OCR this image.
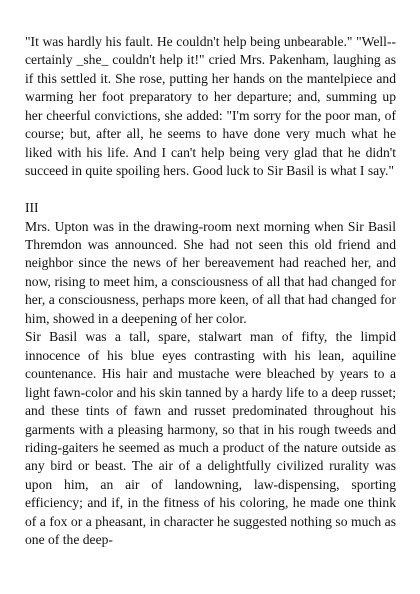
"It was hardly his fault. He couldn't help being unbearable." "Well--certainly _she_ couldn't help it!" cried Mrs. Pakenham, laughing as if this settled it. She rose, putting her hands on the mantelpiece and warming her foot preparatory to her departure; and, summing up her cheerful convictions, she added: "I'm sorry for the poor man, of course; but, after all, he seems to have done very much what he liked with his life. And I can't help being very glad that he didn't succeed in quite spoiling hers. Good luck to Sir Basil is what I say."

III

Mrs. Upton was in the drawing-room next morning when Sir Basil Thremdon was announced. She had not seen this old friend and neighbor since the news of her bereavement had reached her, and now, rising to meet him, a consciousness of all that had changed for her, a consciousness, perhaps more keen, of all that had changed for him, showed in a deepening of her color.

Sir Basil was a tall, spare, stalwart man of fifty, the limpid innocence of his blue eyes contrasting with his lean, aquiline countenance. His hair and mustache were bleached by years to a light fawn-color and his skin tanned by a hardy life to a deep russet; and these tints of fawn and russet predominated throughout his garments with a pleasing harmony, so that in his rough tweeds and riding-gaiters he seemed as much a product of the nature outside as any bird or beast. The air of a delightfully civilized rurality was upon him, an air of landowning, law-dispensing, sporting efficiency; and if, in the fitness of his coloring, he made one think of a fox or a pheasant, in character he suggested nothing so much as one of the deep-
